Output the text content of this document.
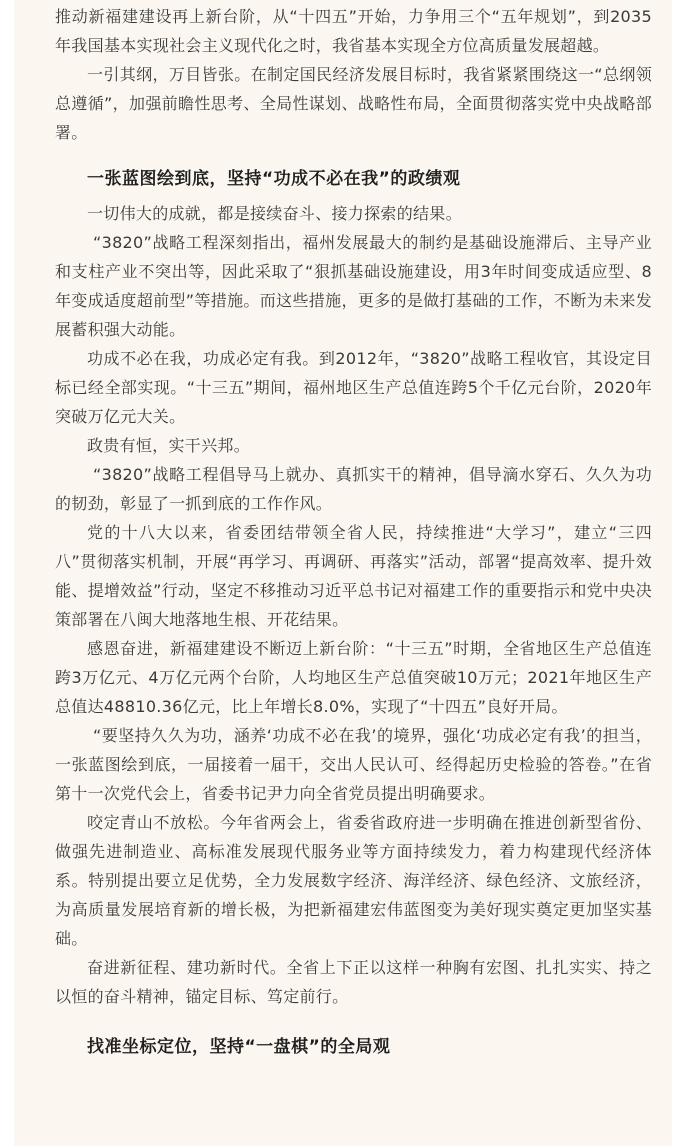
推动新福建建设再上新台阶，从“十四五”开始，力争用三个“五年规划”，到2035年我国基本实现社会主义现代化之时，我省基本实现全方位高质量发展超越。

一引其纲，万目皆张。在制定国民经济发展目标时，我省紧紧围绕这一“总纲领总遵循”，加强前瞻性思考、全局性谋划、战略性布局，全面贯彻落实党中央战略部署。

一张蓝图绘到底，坚持“功成不必在我”的政绩观

一切伟大的成就，都是接续奋斗、接力探索的结果。

“3820”战略工程深刻指出，福州发展最大的制约是基础设施滞后、主导产业和支柱产业不突出等，因此采取了“狠抓基础设施建设，用3年时间变成适应型、8年变成适度超前型”等措施。而这些措施，更多的是做打基础的工作，不断为未来发展蓄积强大动能。

功成不必在我，功成必定有我。到2012年，“3820”战略工程收官，其设定目标已经全部实现。“十三五”期间，福州地区生产总值连跨5个千亿元台阶，2020年突破万亿元大关。

政贵有恒，实干兴邦。

“3820”战略工程倡导马上就办、真抓实干的精神，倡导滴水穿石、久久为功的韧劲，彰显了一抓到底的工作作风。

党的十八大以来，省委团结带领全省人民，持续推进“大学习”，建立“三四八”贯彻落实机制，开展“再学习、再调研、再落实”活动，部署“提高效率、提升效能、提增效益”行动，坚定不移推动习近平总书记对福建工作的重要指示和党中央决策部署在八闽大地落地生根、开花结果。

感恩奋进，新福建建设不断迈上新台阶：“十三五”时期，全省地区生产总值连跨3万亿元、4万亿元两个台阶，人均地区生产总值突破10万元；2021年地区生产总值达48810.36亿元，比上年增长8.0%，实现了“十四五”良好开局。

“要坚持久久为功，涵养‘功成不必在我’的境界，强化‘功成必定有我’的担当，一张蓝图绘到底，一届接着一届干，交出人民认可、经得起历史检验的答卷。”在省第十一次党代会上，省委书记尹力向全省党员提出明确要求。

咬定青山不放松。今年省两会上，省委省政府进一步明确在推进创新型省份、做强先进制造业、高标准发展现代服务业等方面持续发力，着力构建现代经济体系。特别提出要立足优势，全力发展数字经济、海洋经济、绿色经济、文旅经济，为高质量发展培育新的增长极，为把新福建宏伟蓝图变为美好现实奠定更加坚实基础。

奋进新征程、建功新时代。全省上下正以这样一种胸有宏图、扎扎实实、持之以恒的奋斗精神，锚定目标、笃定前行。

找准坐标定位，坚持“一盘棋”的全局观
